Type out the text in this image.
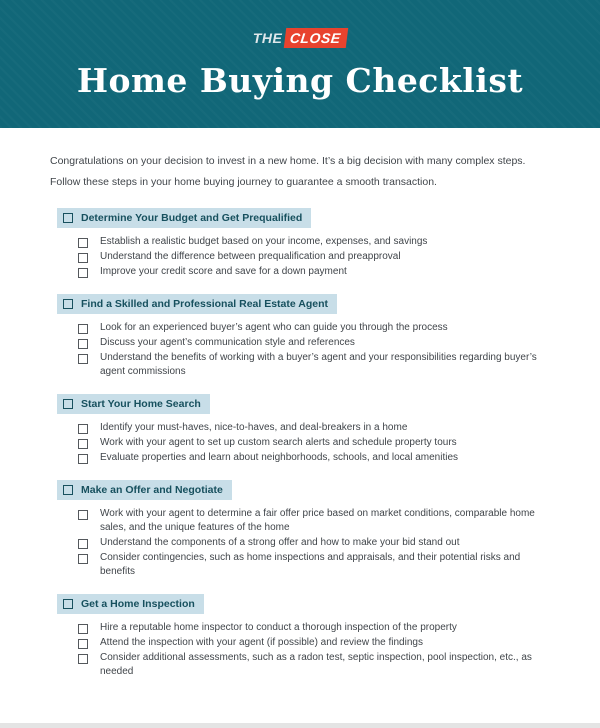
THE CLOSE
Home Buying Checklist

Congratulations on your decision to invest in a new home. It’s a big decision with many complex steps.
Follow these steps in your home buying journey to guarantee a smooth transaction.

Determine Your Budget and Get Prequalified
Establish a realistic budget based on your income, expenses, and savings
Understand the difference between prequalification and preapproval
Improve your credit score and save for a down payment
Find a Skilled and Professional Real Estate Agent
Look for an experienced buyer’s agent who can guide you through the process
Discuss your agent’s communication style and references
Understand the benefits of working with a buyer’s agent and your responsibilities regarding buyer’s agent commissions
Start Your Home Search
Identify your must-haves, nice-to-haves, and deal-breakers in a home
Work with your agent to set up custom search alerts and schedule property tours
Evaluate properties and learn about neighborhoods, schools, and local amenities
Make an Offer and Negotiate
Work with your agent to determine a fair offer price based on market conditions, comparable home sales, and the unique features of the home
Understand the components of a strong offer and how to make your bid stand out
Consider contingencies, such as home inspections and appraisals, and their potential risks and benefits
Get a Home Inspection
Hire a reputable home inspector to conduct a thorough inspection of the property
Attend the inspection with your agent (if possible) and review the findings
Consider additional assessments, such as a radon test, septic inspection, pool inspection, etc., as needed
